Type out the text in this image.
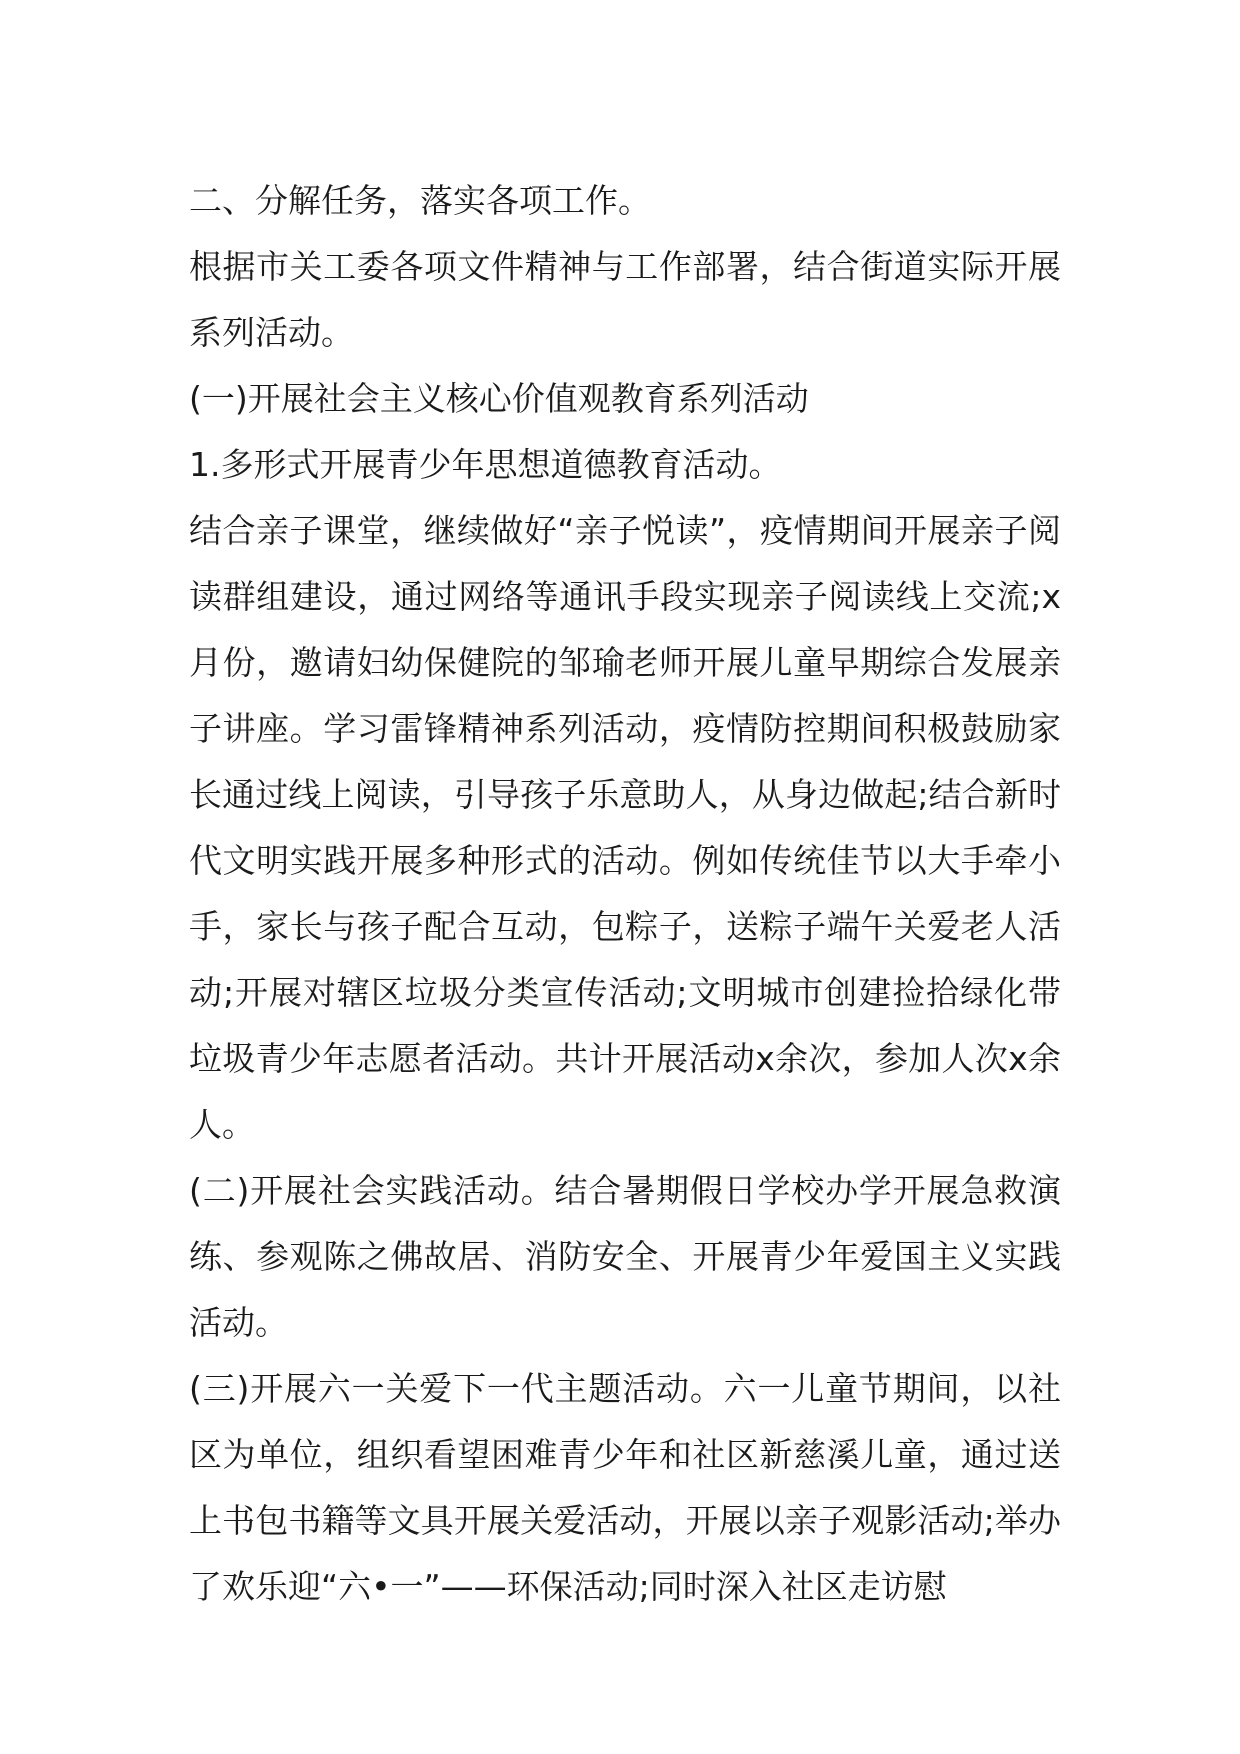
二、分解任务，落实各项工作。

根据市关工委各项文件精神与工作部署，结合街道实际开展系列活动。

(一)开展社会主义核心价值观教育系列活动

1.多形式开展青少年思想道德教育活动。

结合亲子课堂，继续做好“亲子悦读”，疫情期间开展亲子阅读群组建设，通过网络等通讯手段实现亲子阅读线上交流;x月份，邀请妇幼保健院的邹瑜老师开展儿童早期综合发展亲子讲座。学习雷锋精神系列活动，疫情防控期间积极鼓励家长通过线上阅读，引导孩子乐意助人，从身边做起;结合新时代文明实践开展多种形式的活动。例如传统佳节以大手牵小手，家长与孩子配合互动，包粽子，送粽子端午关爱老人活动;开展对辖区垃圾分类宣传活动;文明城市创建捡拾绿化带垃圾青少年志愿者活动。共计开展活动x余次，参加人次x余人。

(二)开展社会实践活动。结合暑期假日学校办学开展急救演练、参观陈之佛故居、消防安全、开展青少年爱国主义实践活动。

(三)开展六一关爱下一代主题活动。六一儿童节期间，以社区为单位，组织看望困难青少年和社区新慈溪儿童，通过送上书包书籍等文具开展关爱活动，开展以亲子观影活动;举办了欢乐迎“六•一”——环保活动;同时深入社区走访慰
